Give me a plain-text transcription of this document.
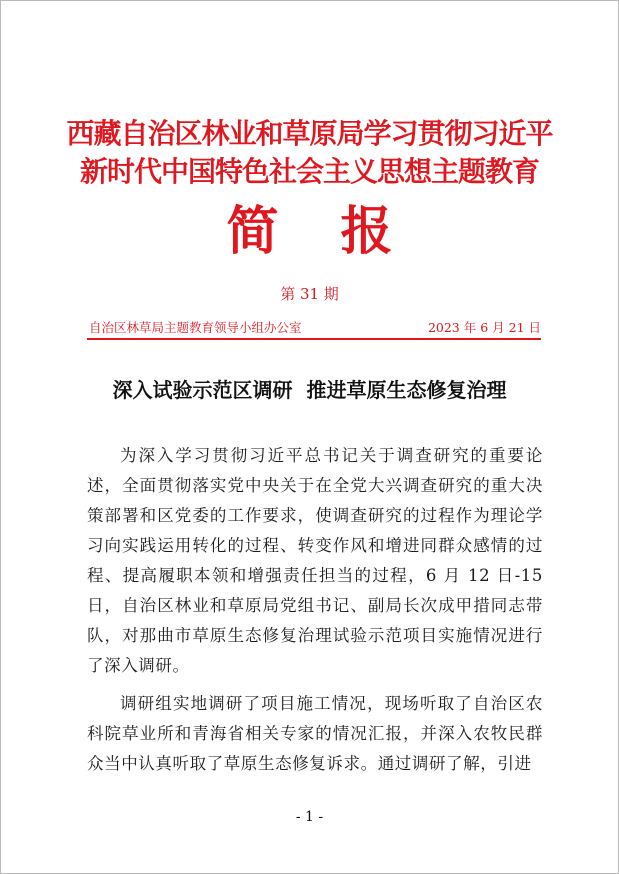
西藏自治区林业和草原局学习贯彻习近平
新时代中国特色社会主义思想主题教育
简报
第 31 期
自治区林草局主题教育领导小组办公室	2023 年 6 月 21 日
深入试验示范区调研  推进草原生态修复治理

为深入学习贯彻习近平总书记关于调查研究的重要论述，全面贯彻落实党中央关于在全党大兴调查研究的重大决策部署和区党委的工作要求，使调查研究的过程作为理论学习向实践运用转化的过程、转变作风和增进同群众感情的过程、提高履职本领和增强责任担当的过程，6 月 12 日-15 日，自治区林业和草原局党组书记、副局长次成甲措同志带队，对那曲市草原生态修复治理试验示范项目实施情况进行了深入调研。

调研组实地调研了项目施工情况，现场听取了自治区农科院草业所和青海省相关专家的情况汇报，并深入农牧民群众当中认真听取了草原生态修复诉求。通过调研了解，引进

- 1 -
